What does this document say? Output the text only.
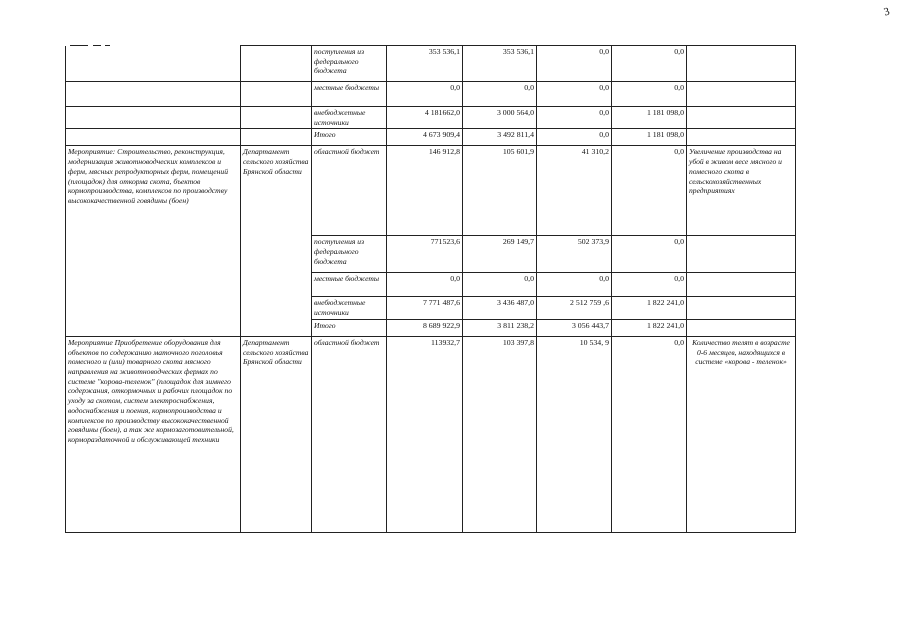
3
		поступления из федерального бюджета	353 536,1	353 536,1	0,0	0,0	
		местные бюджеты	0,0	0,0	0,0	0,0	
		внебюджетные источники	4 181662,0	3 000 564,0	0,0	1 181 098,0	
		Итого	4 673 909,4	3 492 811,4	0,0	1 181 098,0	
Мероприятие: Строительство, реконструкция, модернизация животноводческих комплексов и ферм, мясных репродукторных ферм, помещений (площадок) для откорма скота, бъектов кормопроизводства, комплексов по производству высококачественной говядины (боен)	Департамент сельского хозяйства Брянской области	областной бюджет	146 912,8	105 601,9	41 310,2	0,0	Увеличение производства на убой в живом весе мясного и помесного скота в сельскохозяйственных предприятиях
		поступления из федерального бюджета	771523,6	269 149,7	502 373,9	0,0	
		местные бюджеты	0,0	0,0	0,0	0,0	
		внебюджетные источники	7 771 487,6	3 436 487,0	2 512 759 ,6	1 822 241,0	
		Итого	8 689 922,9	3 811 238,2	3 056 443,7	1 822 241,0	
Мероприятие Приобретение оборудования для объектов по содержанию маточного поголовья помесного и (или) товарного скота мясного направления на животноводческих фермах по системе "корова-теленок" (площадок для зимнего содержания, откормочных и рабочих площадок по уходу за скотом, систем электроснабжения, водоснабжения и поения, кормопроизводства и комплексов по производству высококачественной говядины (боен), а так же кормозаготовительной, кормораздаточной и обслуживающей техники	Департамент сельского хозяйства Брянской области	областной бюджет	113932,7	103 397,8	10 534, 9	0,0	Количество телят в возрасте 0-6 месяцев, находящихся в системе «корова - теленок»
